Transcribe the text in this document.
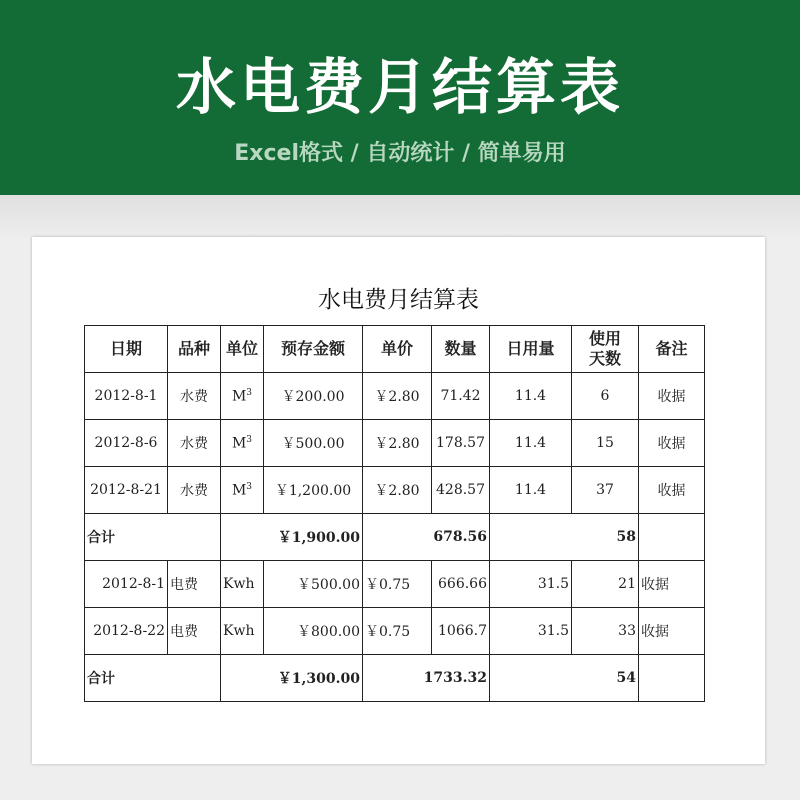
水电费月结算表
Excel格式 / 自动统计 / 简单易用
水电费月结算表
日期	品种	单位	预存金额	单价	数量	日用量	使用天数	备注
2012-8-1	水费	$M^3$	￥200.00	￥2.80	71.42	11.4	6	收据
2012-8-6	水费	$M^3$	￥500.00	￥2.80	178.57	11.4	15	收据
2012-8-21	水费	$M^3$	￥1,200.00	￥2.80	428.57	11.4	37	收据
合计		￥1,900.00		678.56		58		
2012-8-1	电费	Kwh	￥500.00	￥0.75	666.66	31.5	21	收据
2012-8-22	电费	Kwh	￥800.00	￥0.75	1066.7	31.5	33	收据
合计		￥1,300.00		1733.32		54		
